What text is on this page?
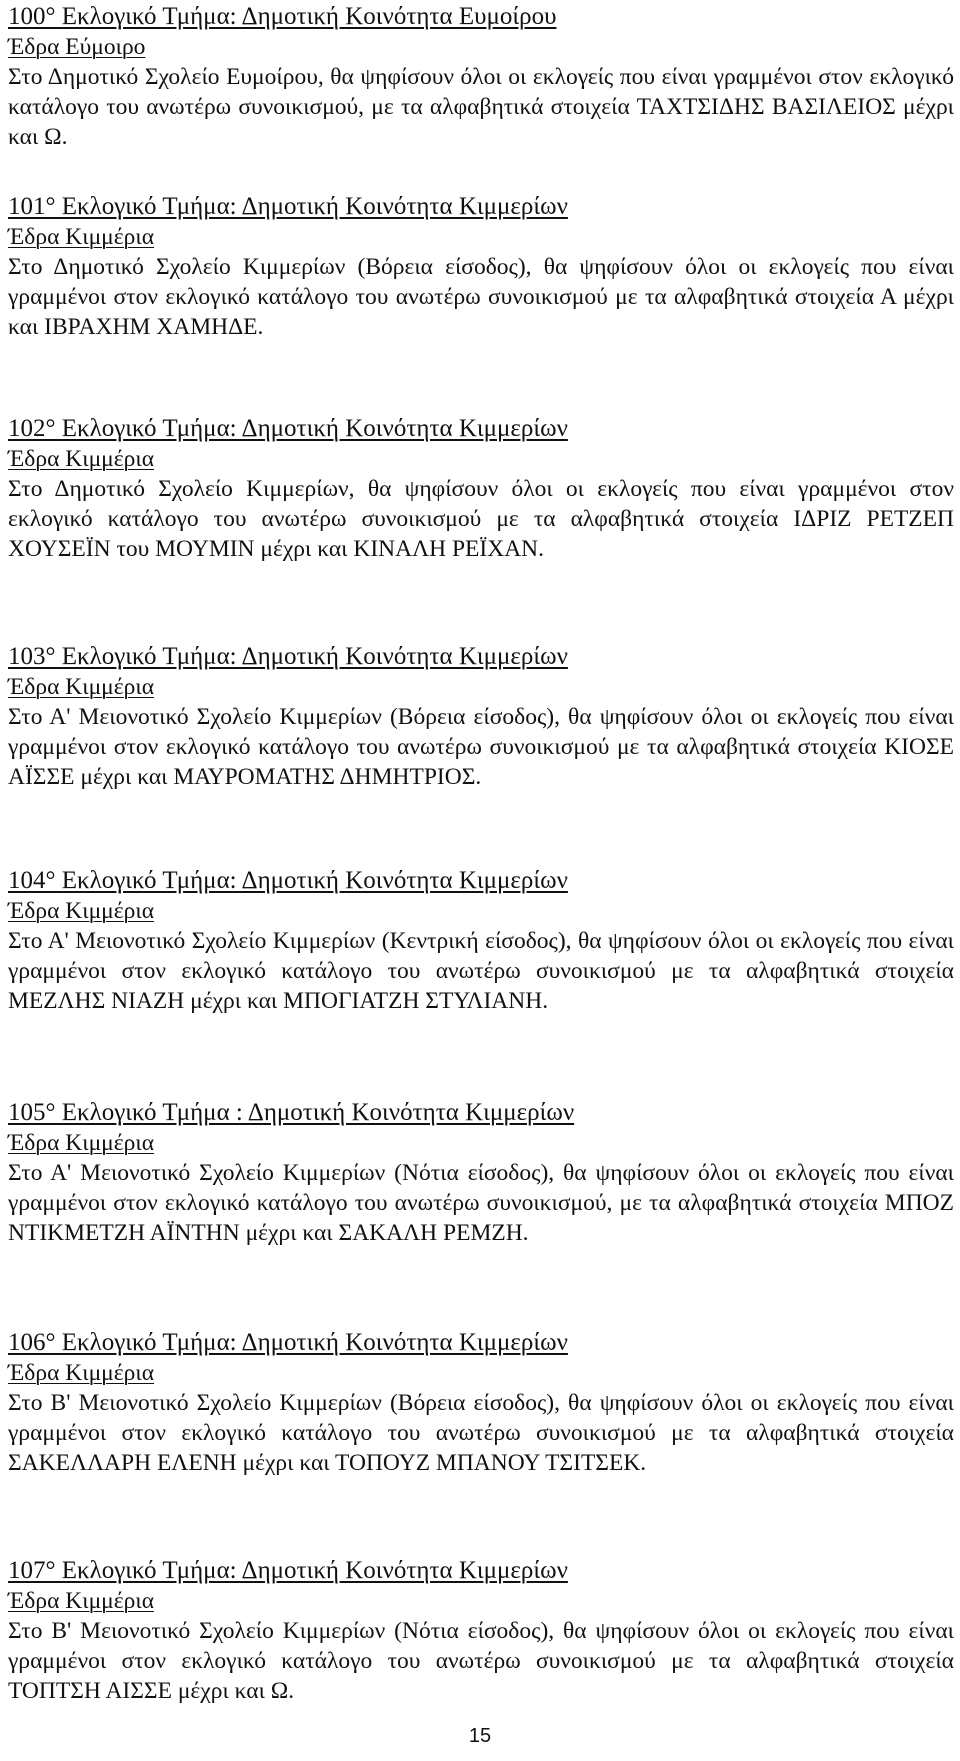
100° Εκλογικό Τμήμα: Δημοτική Κοινότητα Ευμοίρου
Έδρα Εύμοιρο

Στο Δημοτικό Σχολείο Ευμοίρου, θα ψηφίσουν όλοι οι εκλογείς που είναι γραμμένοι στον εκλογικό κατάλογο του ανωτέρω συνοικισμού, με τα αλφαβητικά στοιχεία ΤΑΧΤΣΙΔΗΣ ΒΑΣΙΛΕΙΟΣ μέχρι και Ω.

101° Εκλογικό Τμήμα: Δημοτική Κοινότητα Κιμμερίων
Έδρα Κιμμέρια

Στο Δημοτικό Σχολείο Κιμμερίων (Βόρεια είσοδος), θα ψηφίσουν όλοι οι εκλογείς που είναι γραμμένοι στον εκλογικό κατάλογο του ανωτέρω συνοικισμού με τα αλφαβητικά στοιχεία Α μέχρι και ΙΒΡΑΧΗΜ ΧΑΜΗΔΕ.

102° Εκλογικό Τμήμα: Δημοτική Κοινότητα Κιμμερίων
Έδρα Κιμμέρια

Στο Δημοτικό Σχολείο Κιμμερίων, θα ψηφίσουν όλοι οι εκλογείς που είναι γραμμένοι στον εκλογικό κατάλογο του ανωτέρω συνοικισμού με τα αλφαβητικά στοιχεία ΙΔΡΙΖ ΡΕΤΖΕΠ ΧΟΥΣΕΪΝ του ΜΟΥΜΙΝ μέχρι και ΚΙΝΑΛΗ ΡΕΪΧΑΝ.

103° Εκλογικό Τμήμα: Δημοτική Κοινότητα Κιμμερίων
Έδρα Κιμμέρια

Στο Α' Μειονοτικό Σχολείο Κιμμερίων (Βόρεια είσοδος), θα ψηφίσουν όλοι οι εκλογείς που είναι γραμμένοι στον εκλογικό κατάλογο του ανωτέρω συνοικισμού με τα αλφαβητικά στοιχεία ΚΙΟΣΕ ΑΪΣΣΕ μέχρι και ΜΑΥΡΟΜΑΤΗΣ ΔΗΜΗΤΡΙΟΣ.

104° Εκλογικό Τμήμα: Δημοτική Κοινότητα Κιμμερίων
Έδρα Κιμμέρια

Στο Α' Μειονοτικό Σχολείο Κιμμερίων (Κεντρική είσοδος), θα ψηφίσουν όλοι οι εκλογείς που είναι γραμμένοι στον εκλογικό κατάλογο του ανωτέρω συνοικισμού με τα αλφαβητικά στοιχεία ΜΕΖΛΗΣ ΝΙΑΖΗ μέχρι και ΜΠΟΓΙΑΤΖΗ ΣΤΥΛΙΑΝΗ.

105° Εκλογικό Τμήμα : Δημοτική Κοινότητα Κιμμερίων
Έδρα Κιμμέρια

Στο Α' Μειονοτικό Σχολείο Κιμμερίων (Νότια είσοδος), θα ψηφίσουν όλοι οι εκλογείς που είναι γραμμένοι στον εκλογικό κατάλογο του ανωτέρω συνοικισμού, με τα αλφαβητικά στοιχεία ΜΠΟΖ ΝΤΙΚΜΕΤΖΗ ΑΪΝΤΗΝ μέχρι και ΣΑΚΑΛΗ ΡΕΜΖΗ.

106° Εκλογικό Τμήμα: Δημοτική Κοινότητα Κιμμερίων
Έδρα Κιμμέρια

Στο Β' Μειονοτικό Σχολείο Κιμμερίων (Βόρεια είσοδος), θα ψηφίσουν όλοι οι εκλογείς που είναι γραμμένοι στον εκλογικό κατάλογο του ανωτέρω συνοικισμού με τα αλφαβητικά στοιχεία ΣΑΚΕΛΛΑΡΗ ΕΛΕΝΗ μέχρι και ΤΟΠΟΥΖ ΜΠΑΝΟΥ ΤΣΙΤΣΕΚ.

107° Εκλογικό Τμήμα: Δημοτική Κοινότητα Κιμμερίων
Έδρα Κιμμέρια

Στο Β' Μειονοτικό Σχολείο Κιμμερίων (Νότια είσοδος), θα ψηφίσουν όλοι οι εκλογείς που είναι γραμμένοι στον εκλογικό κατάλογο του ανωτέρω συνοικισμού με τα αλφαβητικά στοιχεία ΤΟΠΤΣΗ ΑΙΣΣΕ μέχρι και Ω.

15
